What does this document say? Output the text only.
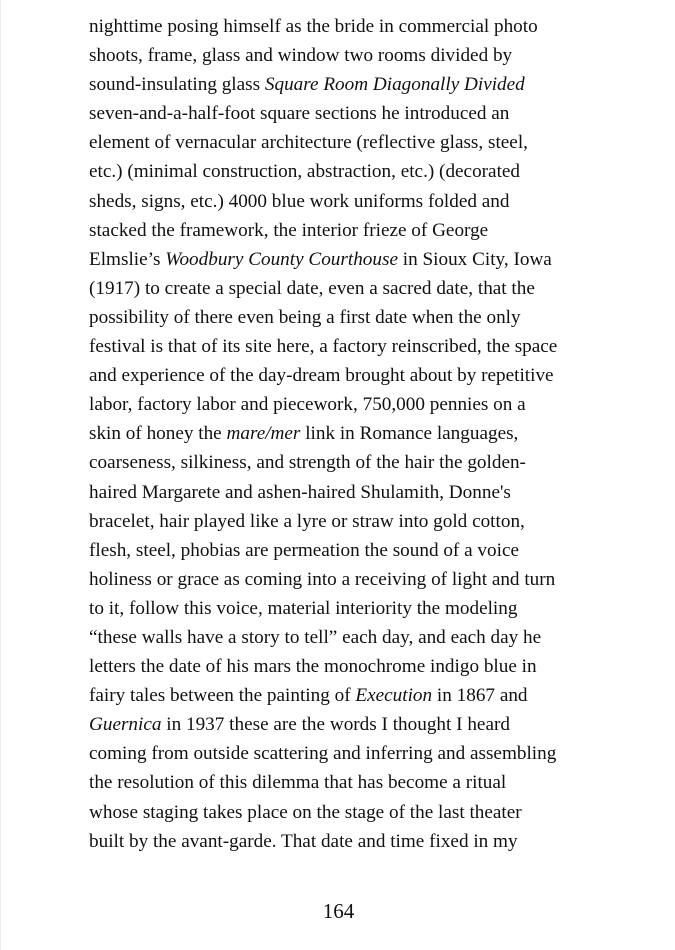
nighttime posing himself as the bride in commercial photo
shoots, frame, glass and window two rooms divided by
sound-insulating glass Square Room Diagonally Divided
seven-and-a-half-foot square sections he introduced an
element of vernacular architecture (reflective glass, steel,
etc.) (minimal construction, abstraction, etc.) (decorated
sheds, signs, etc.) 4000 blue work uniforms folded and
stacked the framework, the interior frieze of George
Elmslie’s Woodbury County Courthouse in Sioux City, Iowa
(1917) to create a special date, even a sacred date, that the
possibility of there even being a first date when the only
festival is that of its site here, a factory reinscribed, the space
and experience of the day-dream brought about by repetitive
labor, factory labor and piecework, 750,000 pennies on a
skin of honey the mare/mer link in Romance languages,
coarseness, silkiness, and strength of the hair the golden-
haired Margarete and ashen-haired Shulamith, Donne's
bracelet, hair played like a lyre or straw into gold cotton,
flesh, steel, phobias are permeation the sound of a voice
holiness or grace as coming into a receiving of light and turn
to it, follow this voice, material interiority the modeling
“these walls have a story to tell” each day, and each day he
letters the date of his mars the monochrome indigo blue in
fairy tales between the painting of Execution in 1867 and
Guernica in 1937 these are the words I thought I heard
coming from outside scattering and inferring and assembling
the resolution of this dilemma that has become a ritual
whose staging takes place on the stage of the last theater
built by the avant-garde. That date and time fixed in my
164
